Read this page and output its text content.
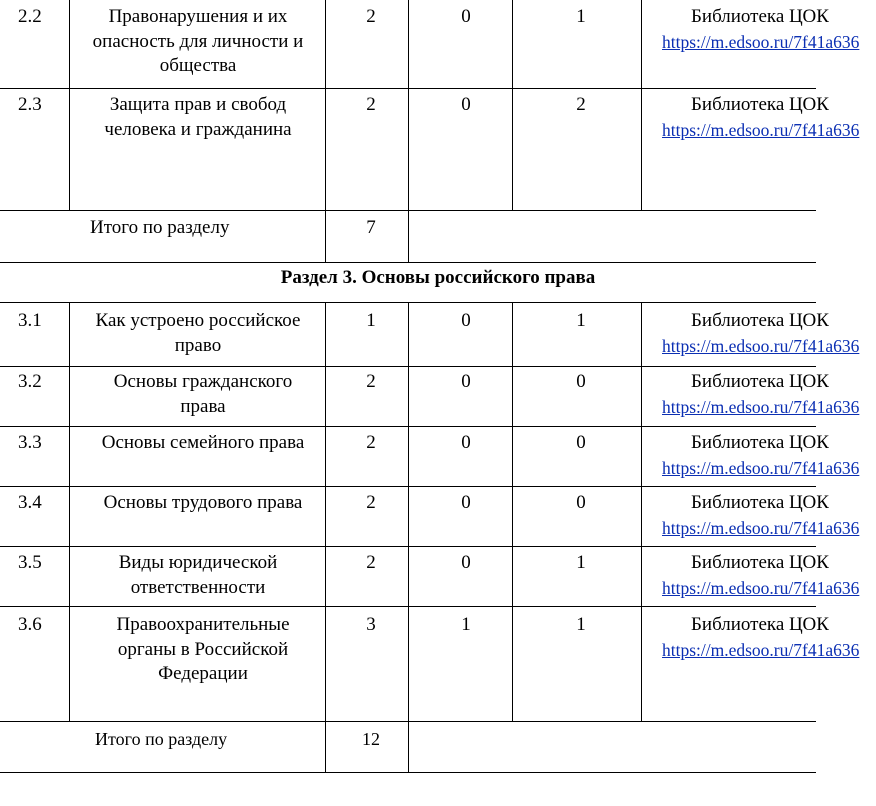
2.2	Правонарушения и их
опасность для личности и
общества
2	0	1	Библиотека ЦОК
https://m.edsoo.ru/7f41a636
2.3	Защита прав и свобод
человека и гражданина
2	0	2	Библиотека ЦОК
https://m.edsoo.ru/7f41a636
Итого по разделу	7
Раздел 3. Основы российского права
3.1	Как устроено российское
право
1	0	1	Библиотека ЦОК
https://m.edsoo.ru/7f41a636
3.2	Основы гражданского
права
2	0	0	Библиотека ЦОК
https://m.edsoo.ru/7f41a636
3.3	Основы семейного права	2	0	0	Библиотека ЦОК
https://m.edsoo.ru/7f41a636
3.4	Основы трудового права	2	0	0	Библиотека ЦОК
https://m.edsoo.ru/7f41a636
3.5	Виды юридической
ответственности
2	0	1	Библиотека ЦОК
https://m.edsoo.ru/7f41a636
3.6	Правоохранительные
органы в Российской
Федерации
3	1	1	Библиотека ЦОК
https://m.edsoo.ru/7f41a636
Итого по разделу	12
